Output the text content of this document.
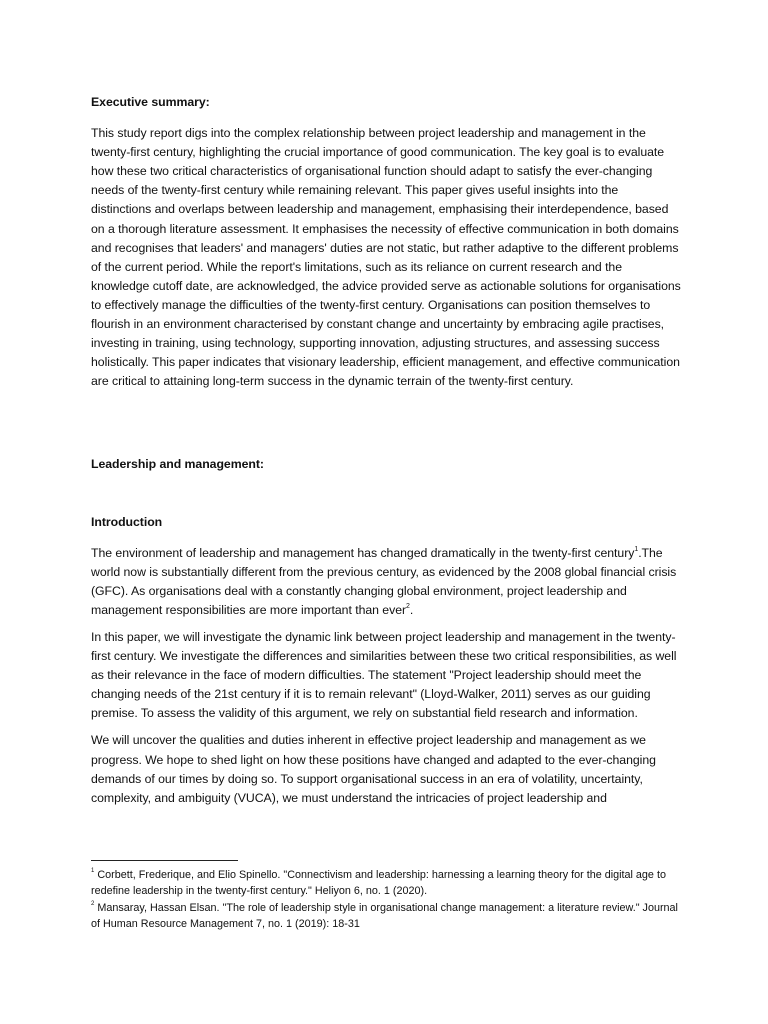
Executive summary:

This study report digs into the complex relationship between project leadership and management in the twenty-first century, highlighting the crucial importance of good communication. The key goal is to evaluate how these two critical characteristics of organisational function should adapt to satisfy the ever-changing needs of the twenty-first century while remaining relevant. This paper gives useful insights into the distinctions and overlaps between leadership and management, emphasising their interdependence, based on a thorough literature assessment. It emphasises the necessity of effective communication in both domains and recognises that leaders' and managers' duties are not static, but rather adaptive to the different problems of the current period. While the report's limitations, such as its reliance on current research and the knowledge cutoff date, are acknowledged, the advice provided serve as actionable solutions for organisations to effectively manage the difficulties of the twenty-first century. Organisations can position themselves to flourish in an environment characterised by constant change and uncertainty by embracing agile practises, investing in training, using technology, supporting innovation, adjusting structures, and assessing success holistically. This paper indicates that visionary leadership, efficient management, and effective communication are critical to attaining long-term success in the dynamic terrain of the twenty-first century.

Leadership and management:

Introduction

The environment of leadership and management has changed dramatically in the twenty-first century$^1$.The world now is substantially different from the previous century, as evidenced by the 2008 global financial crisis (GFC). As organisations deal with a constantly changing global environment, project leadership and management responsibilities are more important than ever$^2$.

In this paper, we will investigate the dynamic link between project leadership and management in the twenty-first century. We investigate the differences and similarities between these two critical responsibilities, as well as their relevance in the face of modern difficulties. The statement "Project leadership should meet the changing needs of the 21st century if it is to remain relevant" (Lloyd-Walker, 2011) serves as our guiding premise. To assess the validity of this argument, we rely on substantial field research and information.

We will uncover the qualities and duties inherent in effective project leadership and management as we progress. We hope to shed light on how these positions have changed and adapted to the ever-changing demands of our times by doing so. To support organisational success in an era of volatility, uncertainty, complexity, and ambiguity (VUCA), we must understand the intricacies of project leadership and

$^1$ Corbett, Frederique, and Elio Spinello. "Connectivism and leadership: harnessing a learning theory for the digital age to redefine leadership in the twenty-first century." Heliyon 6, no. 1 (2020).

$^2$ Mansaray, Hassan Elsan. "The role of leadership style in organisational change management: a literature review." Journal of Human Resource Management 7, no. 1 (2019): 18-31
